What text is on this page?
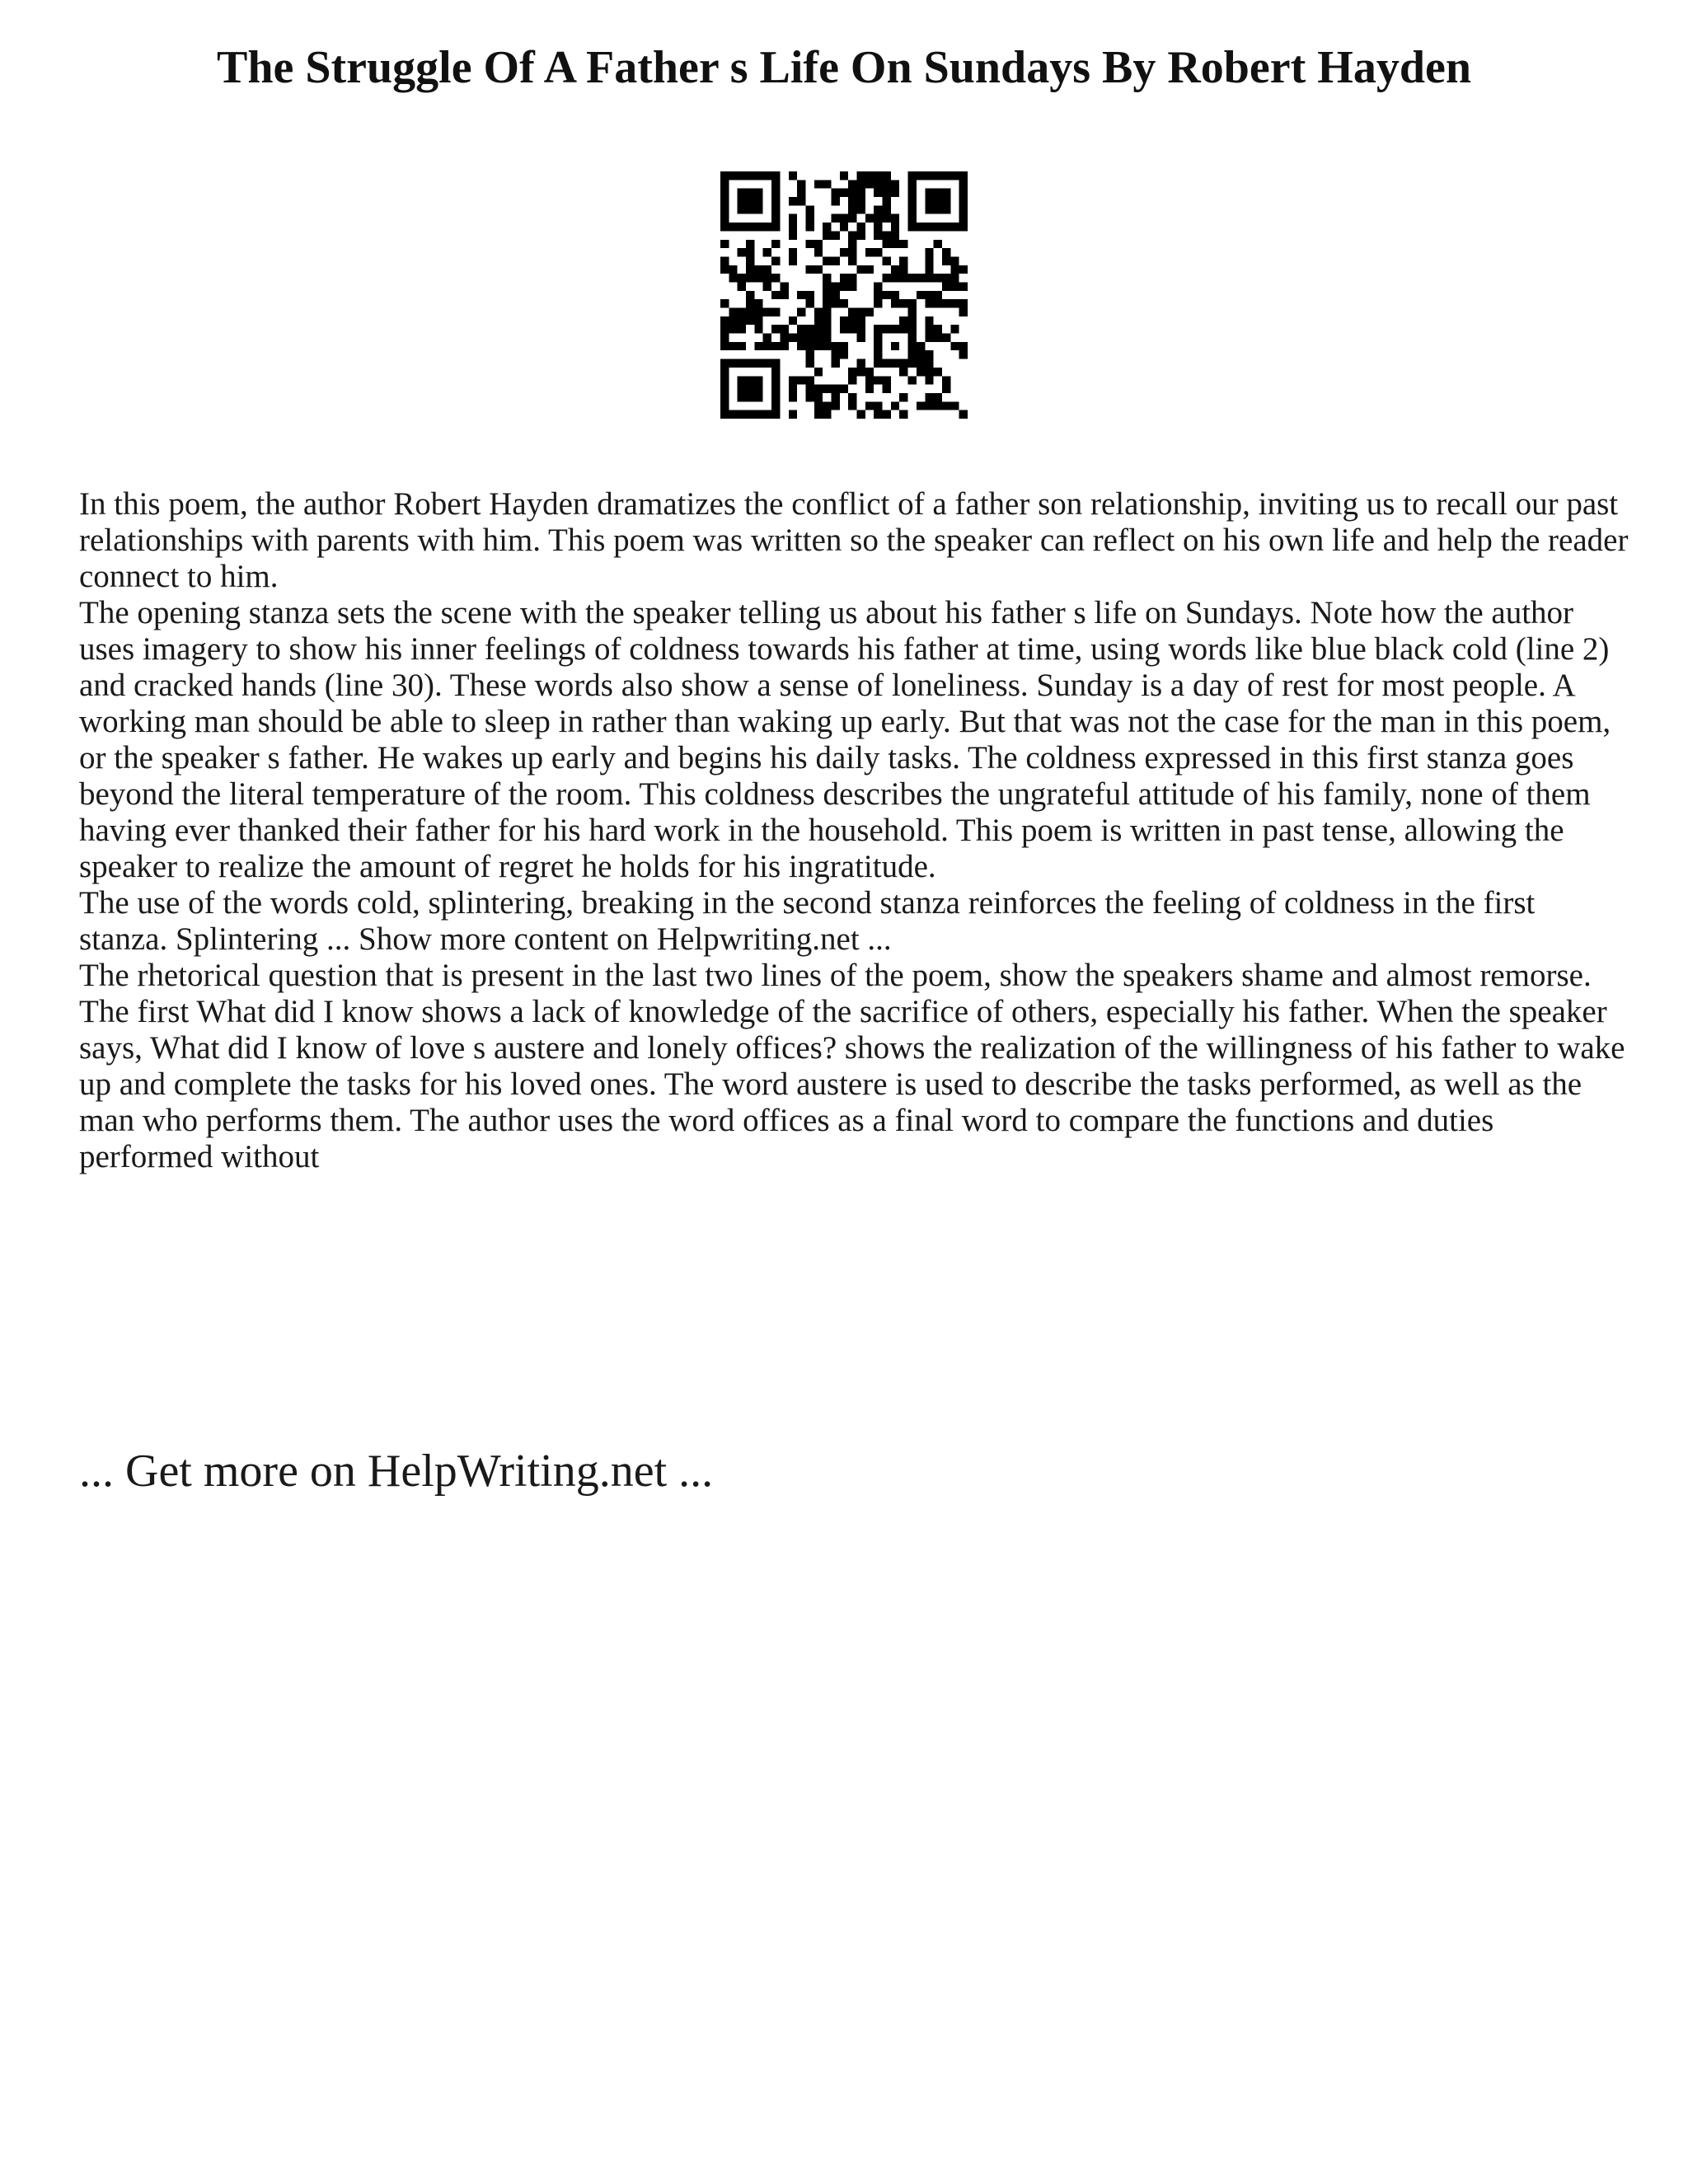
The Struggle Of A Father s Life On Sundays By Robert Hayden

In this poem, the author Robert Hayden dramatizes the conflict of a father son relationship, inviting us to recall our past relationships with parents with him. This poem was written so the speaker can reflect on his own life and help the reader connect to him.

The opening stanza sets the scene with the speaker telling us about his father s life on Sundays. Note how the author uses imagery to show his inner feelings of coldness towards his father at time, using words like blue black cold (line 2) and cracked hands (line 30). These words also show a sense of loneliness. Sunday is a day of rest for most people. A working man should be able to sleep in rather than waking up early. But that was not the case for the man in this poem, or the speaker s father. He wakes up early and begins his daily tasks. The coldness expressed in this first stanza goes beyond the literal temperature of the room. This coldness describes the ungrateful attitude of his family, none of them having ever thanked their father for his hard work in the household. This poem is written in past tense, allowing the speaker to realize the amount of regret he holds for his ingratitude.

The use of the words cold, splintering, breaking in the second stanza reinforces the feeling of coldness in the first stanza. Splintering ... Show more content on Helpwriting.net ...

The rhetorical question that is present in the last two lines of the poem, show the speakers shame and almost remorse. The first What did I know shows a lack of knowledge of the sacrifice of others, especially his father. When the speaker says, What did I know of love s austere and lonely offices? shows the realization of the willingness of his father to wake up and complete the tasks for his loved ones. The word austere is used to describe the tasks performed, as well as the man who performs them. The author uses the word offices as a final word to compare the functions and duties performed without

... Get more on HelpWriting.net ...
